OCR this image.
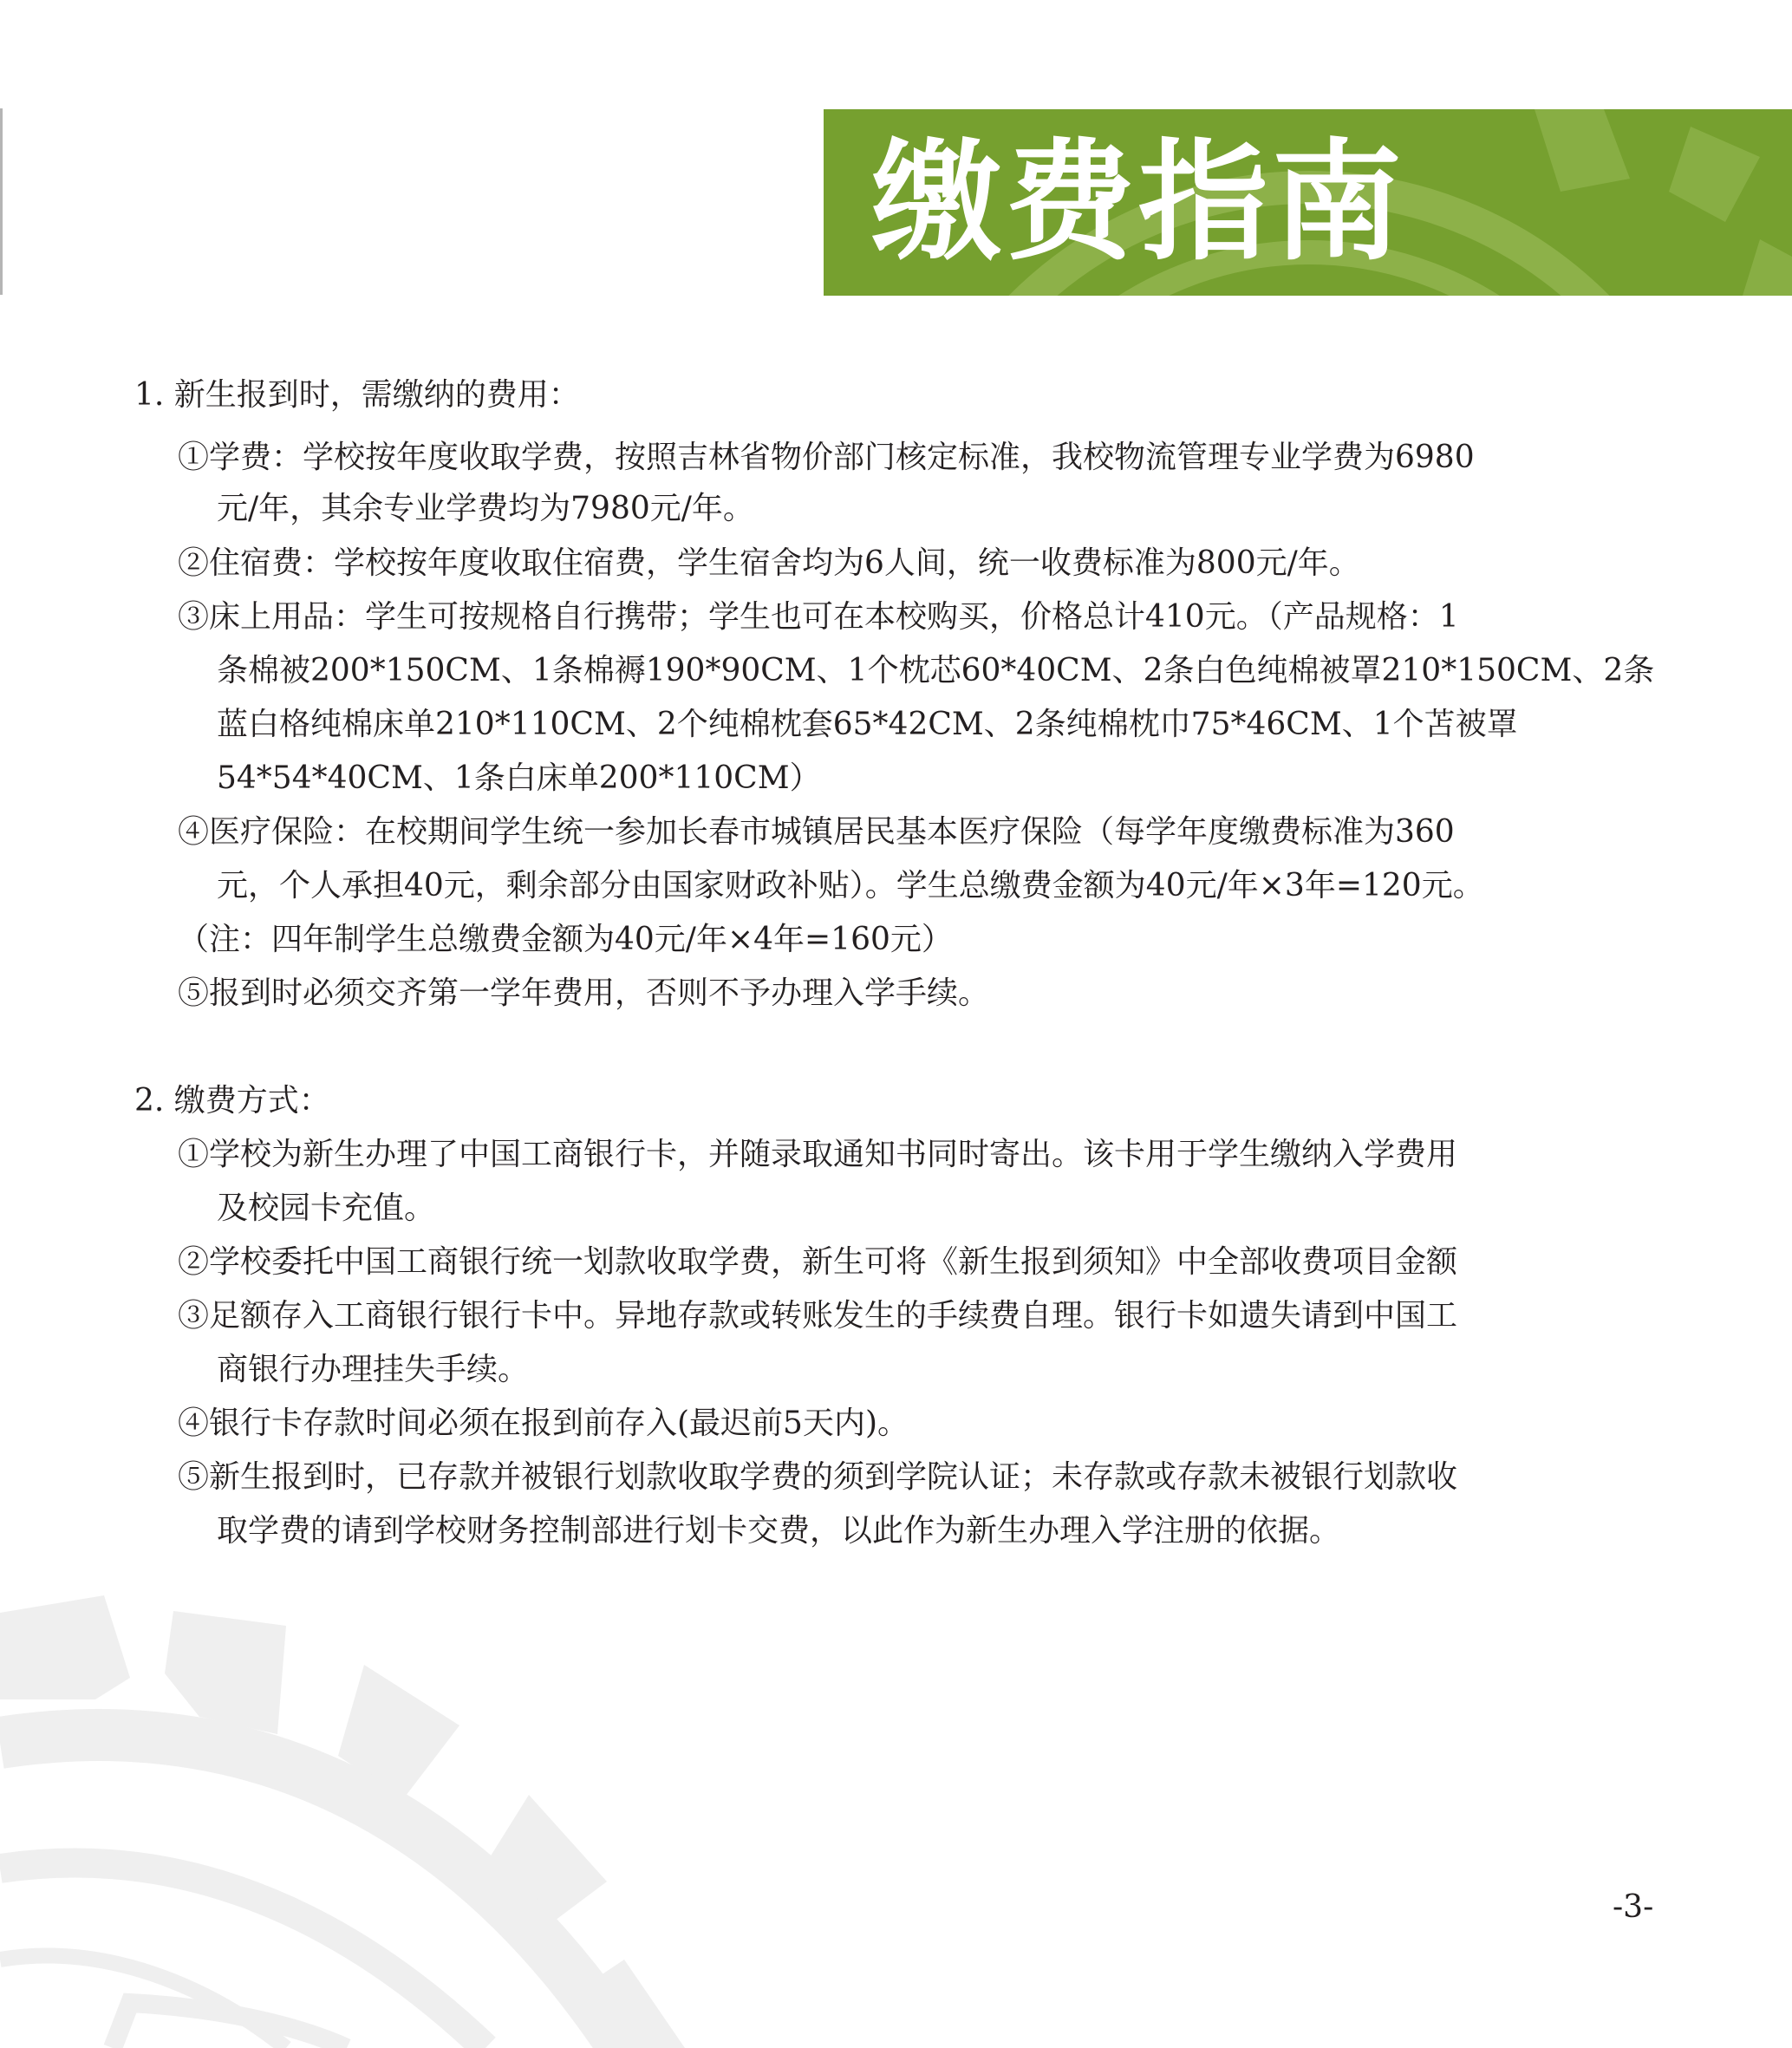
缴费指南
1. 新生报到时，需缴纳的费用：
①学费：学校按年度收取学费，按照吉林省物价部门核定标准，我校物流管理专业学费为6980
元/年，其余专业学费均为7980元/年。
②住宿费：学校按年度收取住宿费，学生宿舍均为6人间，统一收费标准为800元/年。
③床上用品：学生可按规格自行携带；学生也可在本校购买，价格总计410元。（产品规格：1
条棉被200*150CM、1条棉褥190*90CM、1个枕芯60*40CM、2条白色纯棉被罩210*150CM、2条
蓝白格纯棉床单210*110CM、2个纯棉枕套65*42CM、2条纯棉枕巾75*46CM、1个苫被罩
54*54*40CM、1条白床单200*110CM）
④医疗保险：在校期间学生统一参加长春市城镇居民基本医疗保险（每学年度缴费标准为360
元，个人承担40元，剩余部分由国家财政补贴）。学生总缴费金额为40元/年×3年=120元。
（注：四年制学生总缴费金额为40元/年×4年=160元）
⑤报到时必须交齐第一学年费用，否则不予办理入学手续。
2. 缴费方式：
①学校为新生办理了中国工商银行卡，并随录取通知书同时寄出。该卡用于学生缴纳入学费用
及校园卡充值。
②学校委托中国工商银行统一划款收取学费，新生可将《新生报到须知》中全部收费项目金额
③足额存入工商银行银行卡中。异地存款或转账发生的手续费自理。银行卡如遗失请到中国工
商银行办理挂失手续。
④银行卡存款时间必须在报到前存入(最迟前5天内)。
⑤新生报到时，已存款并被银行划款收取学费的须到学院认证；未存款或存款未被银行划款收
取学费的请到学校财务控制部进行划卡交费，以此作为新生办理入学注册的依据。
-3-
